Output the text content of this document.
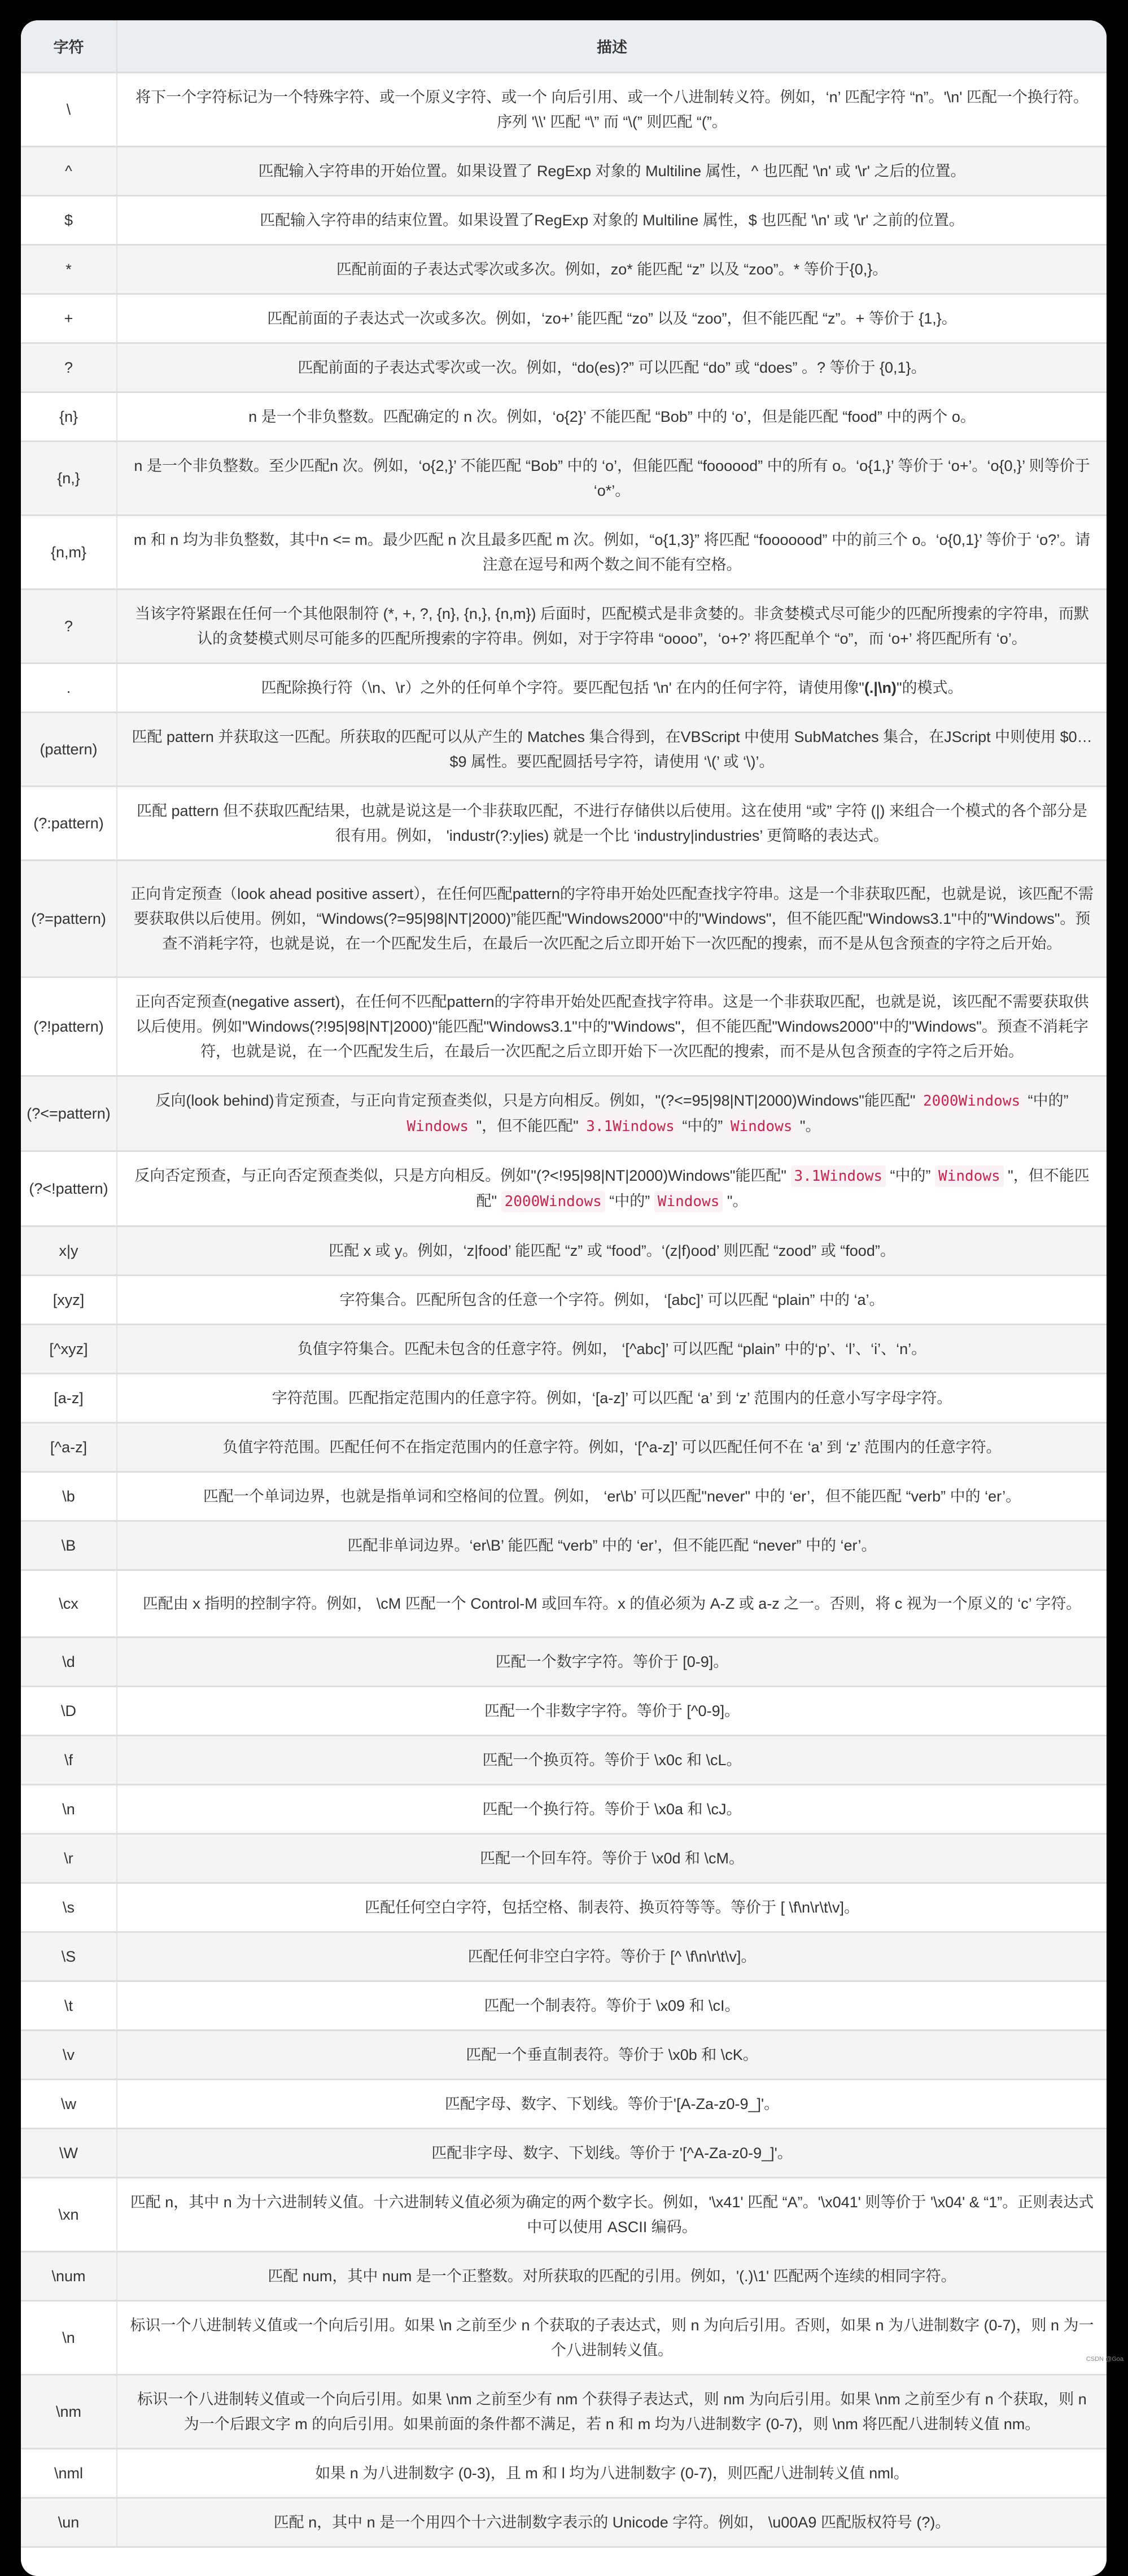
字符	描述
\	将下一个字符标记为一个特殊字符、或一个原义字符、或一个 向后引用、或一个八进制转义符。例如，‘n’ 匹配字符 “n”。'\n' 匹配一个换行符。序列 '\\' 匹配 “\” 而 “\(” 则匹配 “(”。
^	匹配输入字符串的开始位置。如果设置了 RegExp 对象的 Multiline 属性，^ 也匹配 '\n' 或 '\r' 之后的位置。
$	匹配输入字符串的结束位置。如果设置了RegExp 对象的 Multiline 属性，$ 也匹配 '\n' 或 '\r' 之前的位置。
*	匹配前面的子表达式零次或多次。例如，zo* 能匹配 “z” 以及 “zoo”。* 等价于{0,}。
+	匹配前面的子表达式一次或多次。例如，‘zo+’ 能匹配 “zo” 以及 “zoo”，但不能匹配 “z”。+ 等价于 {1,}。
?	匹配前面的子表达式零次或一次。例如，“do(es)?” 可以匹配 “do” 或 “does” 。? 等价于 {0,1}。
{n}	n 是一个非负整数。匹配确定的 n 次。例如，‘o{2}’ 不能匹配 “Bob” 中的 ‘o’，但是能匹配 “food” 中的两个 o。
{n,}	n 是一个非负整数。至少匹配n 次。例如，‘o{2,}’ 不能匹配 “Bob” 中的 ‘o’，但能匹配 “foooood” 中的所有 o。‘o{1,}’ 等价于 ‘o+’。‘o{0,}’ 则等价于 ‘o*’。
{n,m}	m 和 n 均为非负整数，其中n <= m。最少匹配 n 次且最多匹配 m 次。例如，“o{1,3}” 将匹配 “fooooood” 中的前三个 o。‘o{0,1}’ 等价于 ‘o?’。请注意在逗号和两个数之间不能有空格。
?	当该字符紧跟在任何一个其他限制符 (*, +, ?, {n}, {n,}, {n,m}) 后面时，匹配模式是非贪婪的。非贪婪模式尽可能少的匹配所搜索的字符串，而默认的贪婪模式则尽可能多的匹配所搜索的字符串。例如，对于字符串 “oooo”，‘o+?’ 将匹配单个 “o”，而 ‘o+’ 将匹配所有 ‘o’。
.	匹配除换行符（\n、\r）之外的任何单个字符。要匹配包括 '\n' 在内的任何字符，请使用像"(.|\n)"的模式。
(pattern)	匹配 pattern 并获取这一匹配。所获取的匹配可以从产生的 Matches 集合得到，在VBScript 中使用 SubMatches 集合，在JScript 中则使用 $0…$9 属性。要匹配圆括号字符，请使用 ‘\(’ 或 ‘\)’。
(?:pattern)	匹配 pattern 但不获取匹配结果，也就是说这是一个非获取匹配，不进行存储供以后使用。这在使用 “或” 字符 (|) 来组合一个模式的各个部分是很有用。例如， 'industr(?:y|ies) 就是一个比 ‘industry|industries’ 更简略的表达式。
(?=pattern)	正向肯定预查（look ahead positive assert），在任何匹配pattern的字符串开始处匹配查找字符串。这是一个非获取匹配，也就是说，该匹配不需要获取供以后使用。例如，“Windows(?=95|98|NT|2000)”能匹配"Windows2000"中的"Windows"，但不能匹配"Windows3.1"中的"Windows"。预查不消耗字符，也就是说，在一个匹配发生后，在最后一次匹配之后立即开始下一次匹配的搜索，而不是从包含预查的字符之后开始。
(?!pattern)	正向否定预查(negative assert)，在任何不匹配pattern的字符串开始处匹配查找字符串。这是一个非获取匹配，也就是说，该匹配不需要获取供以后使用。例如"Windows(?!95|98|NT|2000)"能匹配"Windows3.1"中的"Windows"，但不能匹配"Windows2000"中的"Windows"。预查不消耗字符，也就是说，在一个匹配发生后，在最后一次匹配之后立即开始下一次匹配的搜索，而不是从包含预查的字符之后开始。
(?<=pattern)	反向(look behind)肯定预查，与正向肯定预查类似，只是方向相反。例如，"(?<=95|98|NT|2000)Windows"能匹配" 2000Windows “中的” Windows "，但不能匹配" 3.1Windows “中的” Windows "。
(?<!pattern)	反向否定预查，与正向否定预查类似，只是方向相反。例如"(?<!95|98|NT|2000)Windows"能匹配" 3.1Windows “中的” Windows "，但不能匹配" 2000Windows “中的” Windows "。
x|y	匹配 x 或 y。例如，‘z|food’ 能匹配 “z” 或 “food”。‘(z|f)ood’ 则匹配 “zood” 或 “food”。
[xyz]	字符集合。匹配所包含的任意一个字符。例如， ‘[abc]’ 可以匹配 “plain” 中的 ‘a’。
[^xyz]	负值字符集合。匹配未包含的任意字符。例如， ‘[^abc]’ 可以匹配 “plain” 中的‘p’、‘l’、‘i’、‘n’。
[a-z]	字符范围。匹配指定范围内的任意字符。例如，‘[a-z]’ 可以匹配 ‘a’ 到 ‘z’ 范围内的任意小写字母字符。
[^a-z]	负值字符范围。匹配任何不在指定范围内的任意字符。例如，‘[^a-z]’ 可以匹配任何不在 ‘a’ 到 ‘z’ 范围内的任意字符。
\b	匹配一个单词边界，也就是指单词和空格间的位置。例如， ‘er\b’ 可以匹配"never" 中的 ‘er’，但不能匹配 “verb” 中的 ‘er’。
\B	匹配非单词边界。‘er\B’ 能匹配 “verb” 中的 ‘er’，但不能匹配 “never” 中的 ‘er’。
\cx	匹配由 x 指明的控制字符。例如， \cM 匹配一个 Control-M 或回车符。x 的值必须为 A-Z 或 a-z 之一。否则，将 c 视为一个原义的 ‘c’ 字符。
\d	匹配一个数字字符。等价于 [0-9]。
\D	匹配一个非数字字符。等价于 [^0-9]。
\f	匹配一个换页符。等价于 \x0c 和 \cL。
\n	匹配一个换行符。等价于 \x0a 和 \cJ。
\r	匹配一个回车符。等价于 \x0d 和 \cM。
\s	匹配任何空白字符，包括空格、制表符、换页符等等。等价于 [ \f\n\r\t\v]。
\S	匹配任何非空白字符。等价于 [^ \f\n\r\t\v]。
\t	匹配一个制表符。等价于 \x09 和 \cI。
\v	匹配一个垂直制表符。等价于 \x0b 和 \cK。
\w	匹配字母、数字、下划线。等价于'[A-Za-z0-9_]'。
\W	匹配非字母、数字、下划线。等价于 '[^A-Za-z0-9_]'。
\xn	匹配 n，其中 n 为十六进制转义值。十六进制转义值必须为确定的两个数字长。例如，'\x41' 匹配 “A”。'\x041' 则等价于 '\x04' & “1”。正则表达式中可以使用 ASCII 编码。
\num	匹配 num，其中 num 是一个正整数。对所获取的匹配的引用。例如，'(.)\1' 匹配两个连续的相同字符。
\n	标识一个八进制转义值或一个向后引用。如果 \n 之前至少 n 个获取的子表达式，则 n 为向后引用。否则，如果 n 为八进制数字 (0-7)，则 n 为一个八进制转义值。
\nm	标识一个八进制转义值或一个向后引用。如果 \nm 之前至少有 nm 个获得子表达式，则 nm 为向后引用。如果 \nm 之前至少有 n 个获取，则 n 为一个后跟文字 m 的向后引用。如果前面的条件都不满足，若 n 和 m 均为八进制数字 (0-7)，则 \nm 将匹配八进制转义值 nm。
\nml	如果 n 为八进制数字 (0-3)，且 m 和 l 均为八进制数字 (0-7)，则匹配八进制转义值 nml。
\un	匹配 n，其中 n 是一个用四个十六进制数字表示的 Unicode 字符。例如， \u00A9 匹配版权符号 (?)。
CSDN @Goa
